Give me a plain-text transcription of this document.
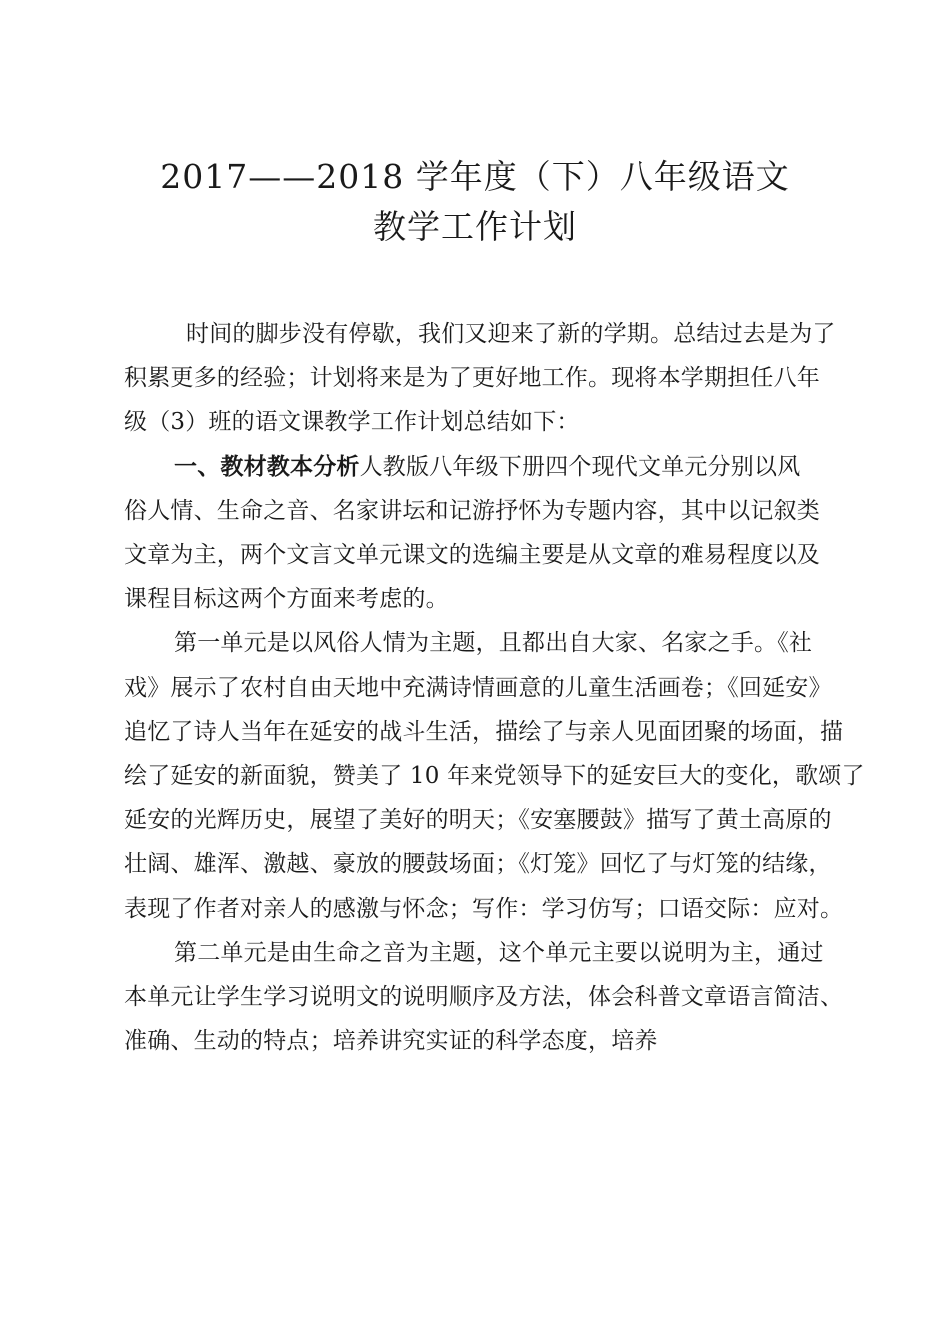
2017——2018 学年度（下）八年级语文
教学工作计划
时间的脚步没有停歇，我们又迎来了新的学期。总结过去是为了
积累更多的经验；计划将来是为了更好地工作。现将本学期担任八年
级（3）班的语文课教学工作计划总结如下：
一、教材教本分析人教版八年级下册四个现代文单元分别以风
俗人情、生命之音、名家讲坛和记游抒怀为专题内容，其中以记叙类
文章为主，两个文言文单元课文的选编主要是从文章的难易程度以及
课程目标这两个方面来考虑的。
第一单元是以风俗人情为主题，且都出自大家、名家之手。《社
戏》展示了农村自由天地中充满诗情画意的儿童生活画卷；《回延安》
追忆了诗人当年在延安的战斗生活，描绘了与亲人见面团聚的场面，描
绘了延安的新面貌，赞美了 10 年来党领导下的延安巨大的变化，歌颂了
延安的光辉历史，展望了美好的明天；《安塞腰鼓》描写了黄土高原的
壮阔、雄浑、激越、豪放的腰鼓场面；《灯笼》回忆了与灯笼的结缘，
表现了作者对亲人的感激与怀念；写作：学习仿写；口语交际：应对。
第二单元是由生命之音为主题，这个单元主要以说明为主，通过
本单元让学生学习说明文的说明顺序及方法，体会科普文章语言简洁、
准确、生动的特点；培养讲究实证的科学态度，培养
